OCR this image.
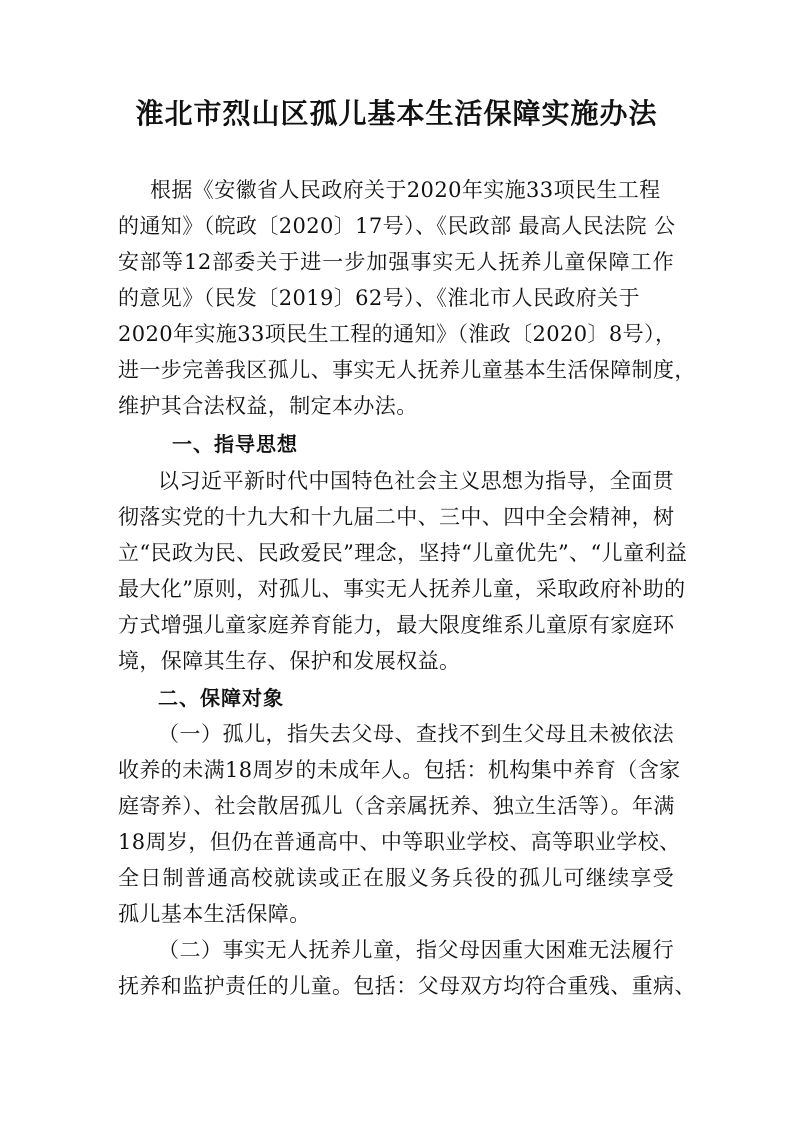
淮北市烈山区孤儿基本生活保障实施办法
根据《安徽省人民政府关于2020年实施33项民生工程
的通知》（皖政〔2020〕17号）、《民政部 最高人民法院 公
安部等12部委关于进一步加强事实无人抚养儿童保障工作
的意见》（民发〔2019〕62号）、《淮北市人民政府关于
2020年实施33项民生工程的通知》（淮政〔2020〕8号），
进一步完善我区孤儿、事实无人抚养儿童基本生活保障制度，
维护其合法权益，制定本办法。
一、指导思想
以习近平新时代中国特色社会主义思想为指导，全面贯
彻落实党的十九大和十九届二中、三中、四中全会精神，树
立“民政为民、民政爱民”理念，坚持“儿童优先”、“儿童利益
最大化”原则，对孤儿、事实无人抚养儿童，采取政府补助的
方式增强儿童家庭养育能力，最大限度维系儿童原有家庭环
境，保障其生存、保护和发展权益。
二、保障对象
（一）孤儿，指失去父母、查找不到生父母且未被依法
收养的未满18周岁的未成年人。包括：机构集中养育（含家
庭寄养）、社会散居孤儿（含亲属抚养、独立生活等）。年满
18周岁，但仍在普通高中、中等职业学校、高等职业学校、
全日制普通高校就读或正在服义务兵役的孤儿可继续享受
孤儿基本生活保障。
（二）事实无人抚养儿童，指父母因重大困难无法履行
抚养和监护责任的儿童。包括：父母双方均符合重残、重病、
